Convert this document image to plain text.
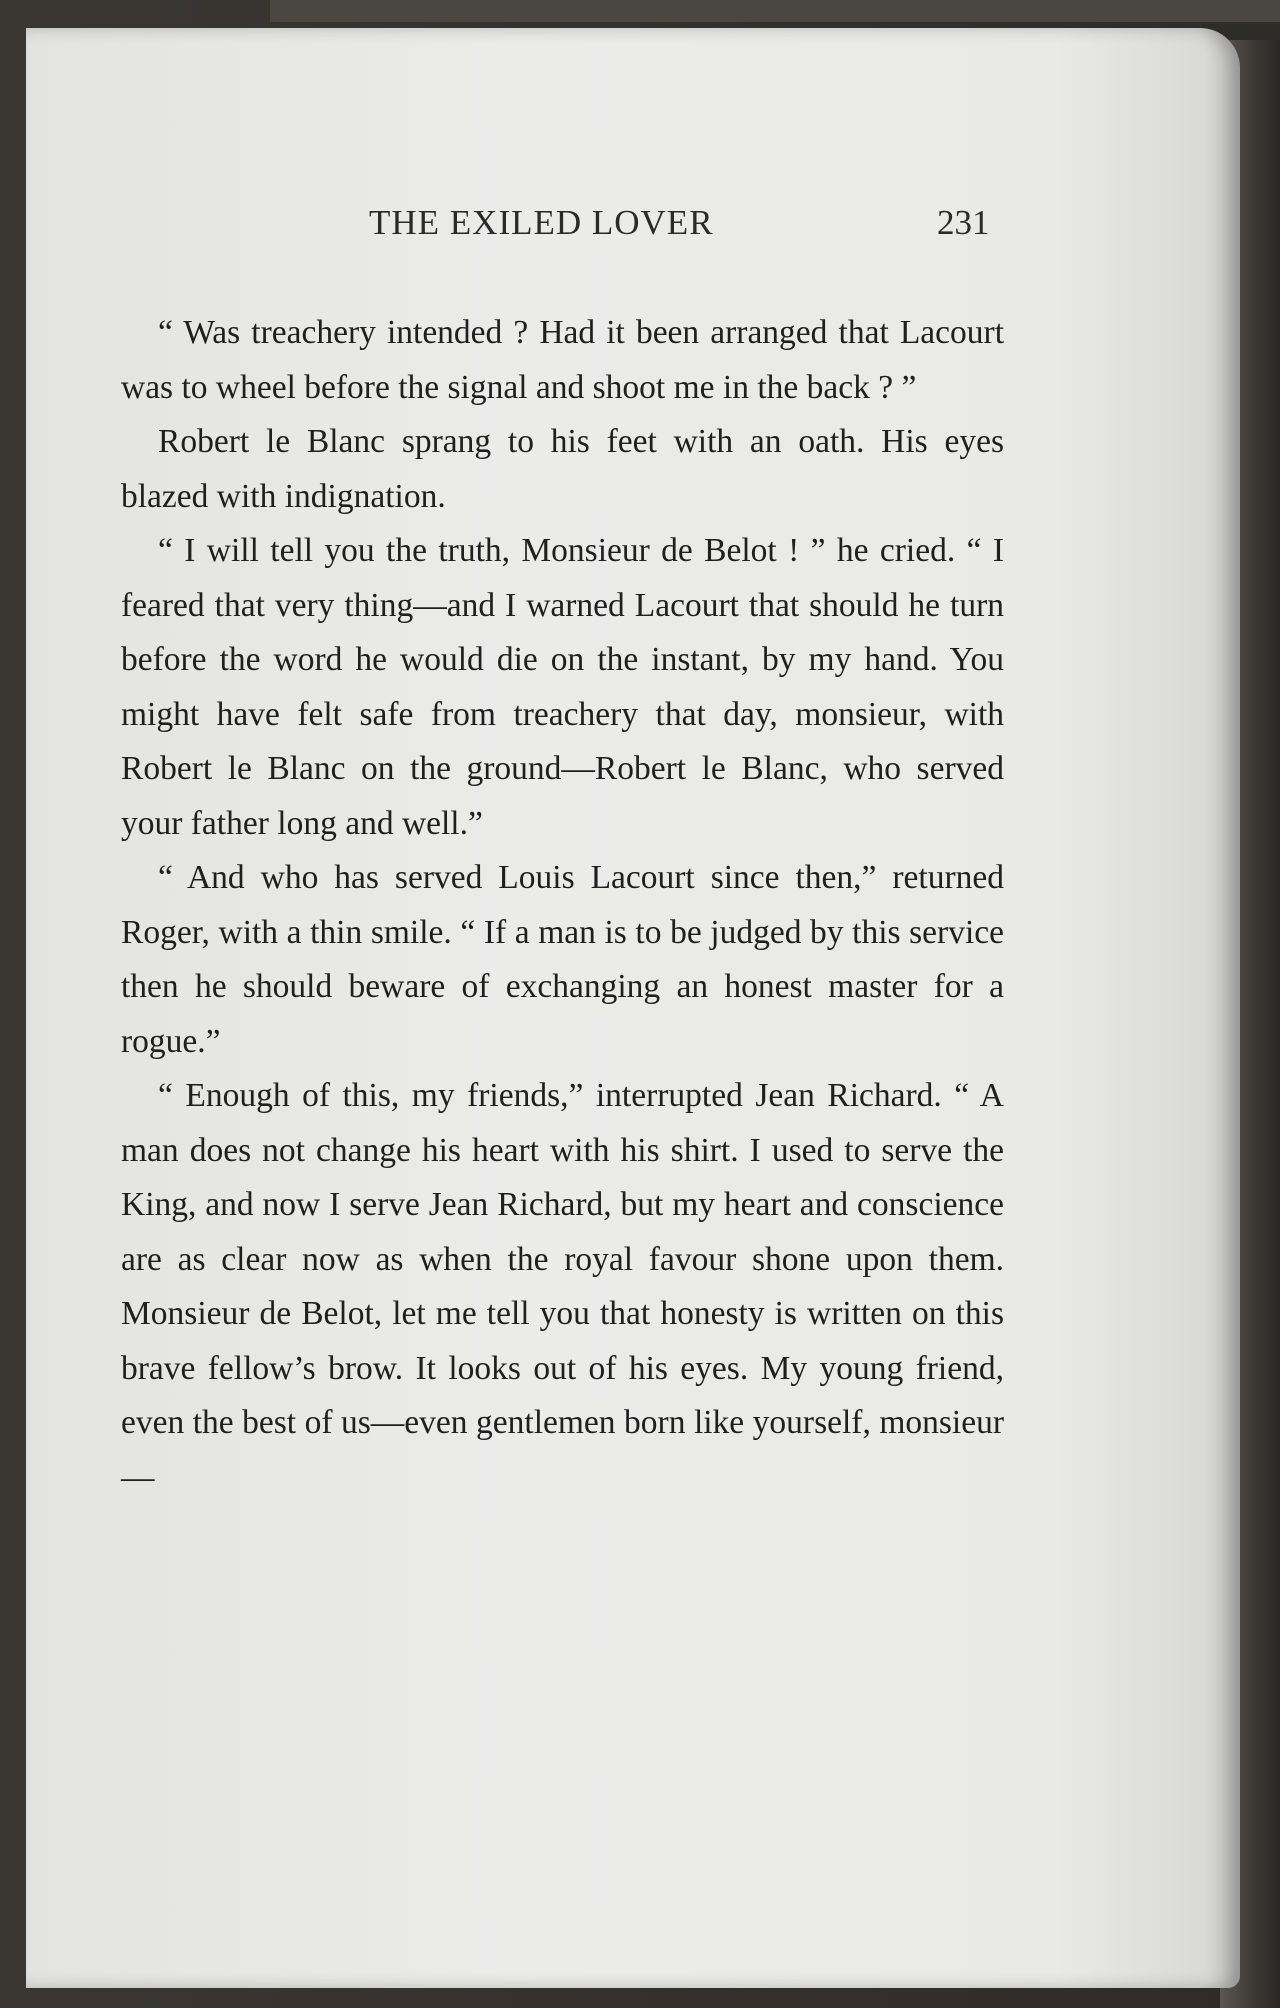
THE EXILED LOVER	231

“ Was treachery intended ? Had it been arranged that Lacourt was to wheel before the signal and shoot me in the back ? ”

Robert le Blanc sprang to his feet with an oath. His eyes blazed with indignation.

“ I will tell you the truth, Monsieur de Belot ! ” he cried. “ I feared that very thing—and I warned Lacourt that should he turn before the word he would die on the instant, by my hand. You might have felt safe from treachery that day, monsieur, with Robert le Blanc on the ground—Robert le Blanc, who served your father long and well.”

“ And who has served Louis Lacourt since then,” returned Roger, with a thin smile. “ If a man is to be judged by this service then he should beware of exchanging an honest master for a rogue.”

“ Enough of this, my friends,” interrupted Jean Richard. “ A man does not change his heart with his shirt. I used to serve the King, and now I serve Jean Richard, but my heart and conscience are as clear now as when the royal favour shone upon them. Monsieur de Belot, let me tell you that honesty is written on this brave fellow’s brow. It looks out of his eyes. My young friend, even the best of us—even gentlemen born like yourself, monsieur—
